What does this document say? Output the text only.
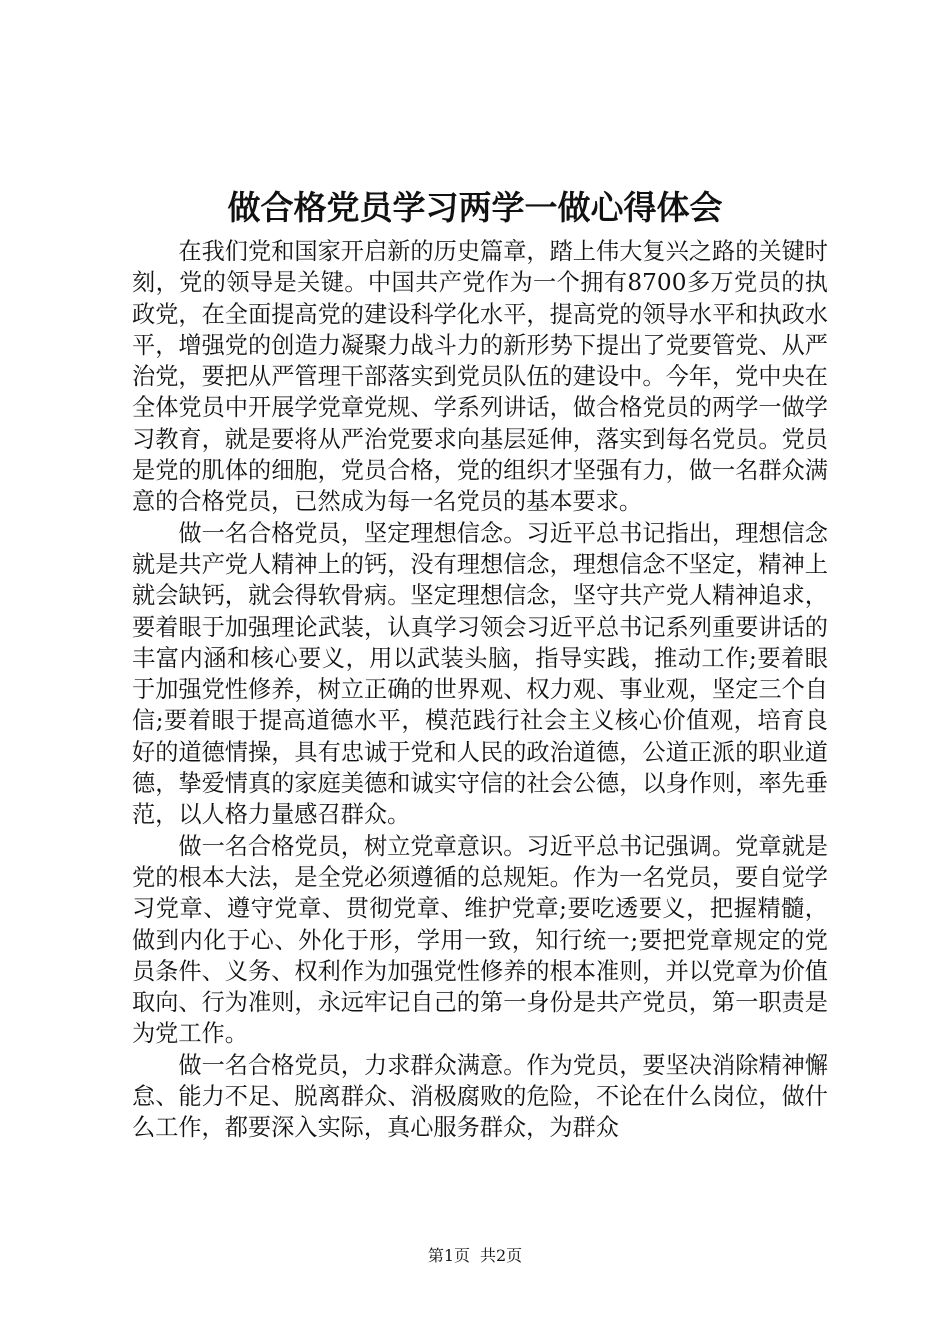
做合格党员学习两学一做心得体会

在我们党和国家开启新的历史篇章，踏上伟大复兴之路的关键时刻，党的领导是关键。中国共产党作为一个拥有8700多万党员的执政党，在全面提高党的建设科学化水平，提高党的领导水平和执政水平，增强党的创造力凝聚力战斗力的新形势下提出了党要管党、从严治党，要把从严管理干部落实到党员队伍的建设中。今年，党中央在全体党员中开展学党章党规、学系列讲话，做合格党员的两学一做学习教育，就是要将从严治党要求向基层延伸，落实到每名党员。党员是党的肌体的细胞，党员合格，党的组织才坚强有力，做一名群众满意的合格党员，已然成为每一名党员的基本要求。

做一名合格党员，坚定理想信念。习近平总书记指出，理想信念就是共产党人精神上的钙，没有理想信念，理想信念不坚定，精神上就会缺钙，就会得软骨病。坚定理想信念，坚守共产党人精神追求，要着眼于加强理论武装，认真学习领会习近平总书记系列重要讲话的丰富内涵和核心要义，用以武装头脑，指导实践，推动工作;要着眼于加强党性修养，树立正确的世界观、权力观、事业观，坚定三个自信;要着眼于提高道德水平，模范践行社会主义核心价值观，培育良好的道德情操，具有忠诚于党和人民的政治道德，公道正派的职业道德，挚爱情真的家庭美德和诚实守信的社会公德，以身作则，率先垂范，以人格力量感召群众。

做一名合格党员，树立党章意识。习近平总书记强调。党章就是党的根本大法，是全党必须遵循的总规矩。作为一名党员，要自觉学习党章、遵守党章、贯彻党章、维护党章;要吃透要义，把握精髓，做到内化于心、外化于形，学用一致，知行统一;要把党章规定的党员条件、义务、权利作为加强党性修养的根本准则，并以党章为价值取向、行为准则，永远牢记自己的第一身份是共产党员，第一职责是为党工作。

做一名合格党员，力求群众满意。作为党员，要坚决消除精神懈怠、能力不足、脱离群众、消极腐败的危险，不论在什么岗位，做什么工作，都要深入实际，真心服务群众，为群众

第1页 共2页
